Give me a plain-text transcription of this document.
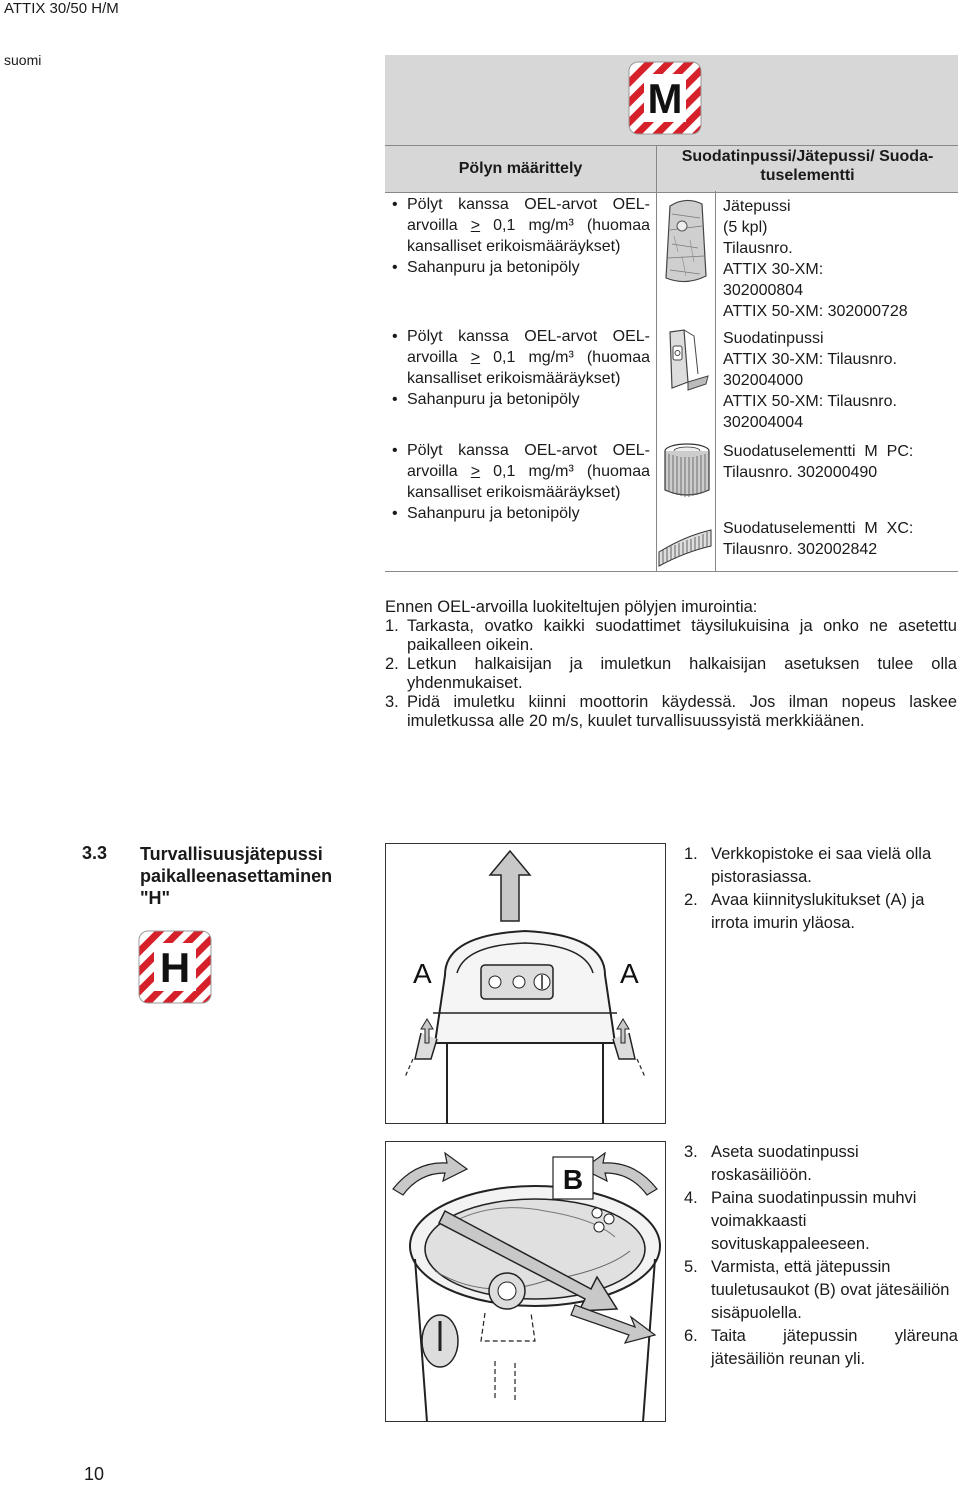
ATTIX 30/50 H/M
suomi
M
Pölyn määrittely
Suodatinpussi/Jätepussi/ Suoda-
tuselementti
• Pölyt kanssa OEL-arvot OEL-arvoilla > 0,1 mg/m³ (huomaa kansalliset erikoismääräykset)
• Sahanpuru ja betonipöly
• Pölyt kanssa OEL-arvot OEL-arvoilla > 0,1 mg/m³ (huomaa kansalliset erikoismääräykset)
• Sahanpuru ja betonipöly
• Pölyt kanssa OEL-arvot OEL-arvoilla > 0,1 mg/m³ (huomaa kansalliset erikoismääräykset)
• Sahanpuru ja betonipöly
Jätepussi
(5 kpl)
Tilausnro.
ATTIX 30-XM:
302000804
ATTIX 50-XM: 302000728
Suodatinpussi
ATTIX 30-XM: Tilausnro.
302004000
ATTIX 50-XM: Tilausnro.
302004004
Suodatuselementti  M  PC:
Tilausnro. 302000490
Suodatuselementti  M  XC:
Tilausnro. 302002842

Ennen OEL-arvoilla luokiteltujen pölyjen imurointia:

1. Tarkasta, ovatko kaikki suodattimet täysilukuisina ja onko ne asetettu paikalleen oikein.
2. Letkun halkaisijan ja imuletkun halkaisijan asetuksen tulee olla yhdenmukaiset.
3. Pidä imuletku kiinni moottorin käydessä. Jos ilman nopeus laskee imuletkussa alle 20 m/s, kuulet turvallisuussyistä merkkiäänen.
3.3 Turvallisuusjätepussi paikalleenasettaminen "H"
H	A	A
1. Verkkopistoke ei saa vielä olla pistorasiassa.
2. Avaa kiinnityslukitukset (A) ja irrota imurin yläosa.
B
3. Aseta suodatinpussi roskasäiliöön.
4. Paina suodatinpussin muhvi voimakkaasti sovituskappaleeseen.
5. Varmista, että jätepussin tuuletusaukot (B) ovat jätesäiliön sisäpuolella.
6. Taita jätepussin yläreuna jätesäiliön reunan yli.
10
